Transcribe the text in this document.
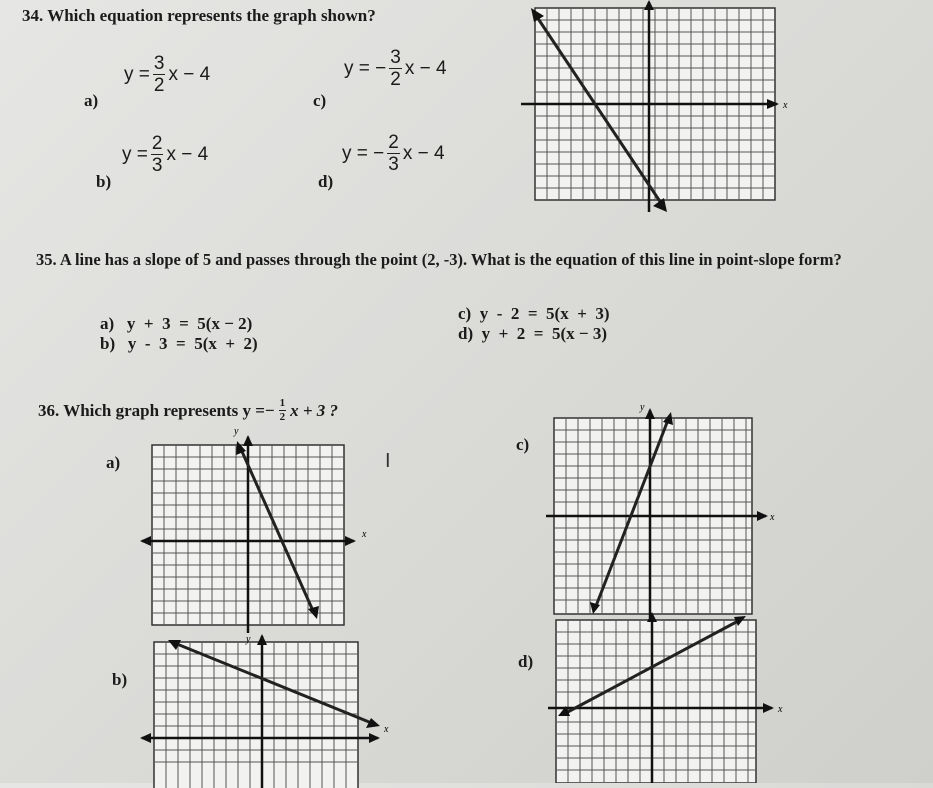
34. Which equation represents the graph shown?
a)
$y = \frac{3}{2}$ x − 4
b)
$y = \frac{2}{3}$ x − 4
c)
y = − $\frac{3}{2}$ x − 4
d)
y = − $\frac{2}{3}$ x − 4
x
35. A line has a slope of 5 and passes through the point (2, -3). What is the equation of this line in point-slope form?
a)   y  +  3  =  5(x − 2)
b)   y  -  3  =  5(x  +  2)
c)  y  -  2  =  5(x  +  3)
d)  y  +  2  =  5(x − 3)
36. Which graph represents $y =- \frac{1}{2}$ x + 3 ?
I
a)
x
y
b)
x
y
c)
x
y
d)
x
